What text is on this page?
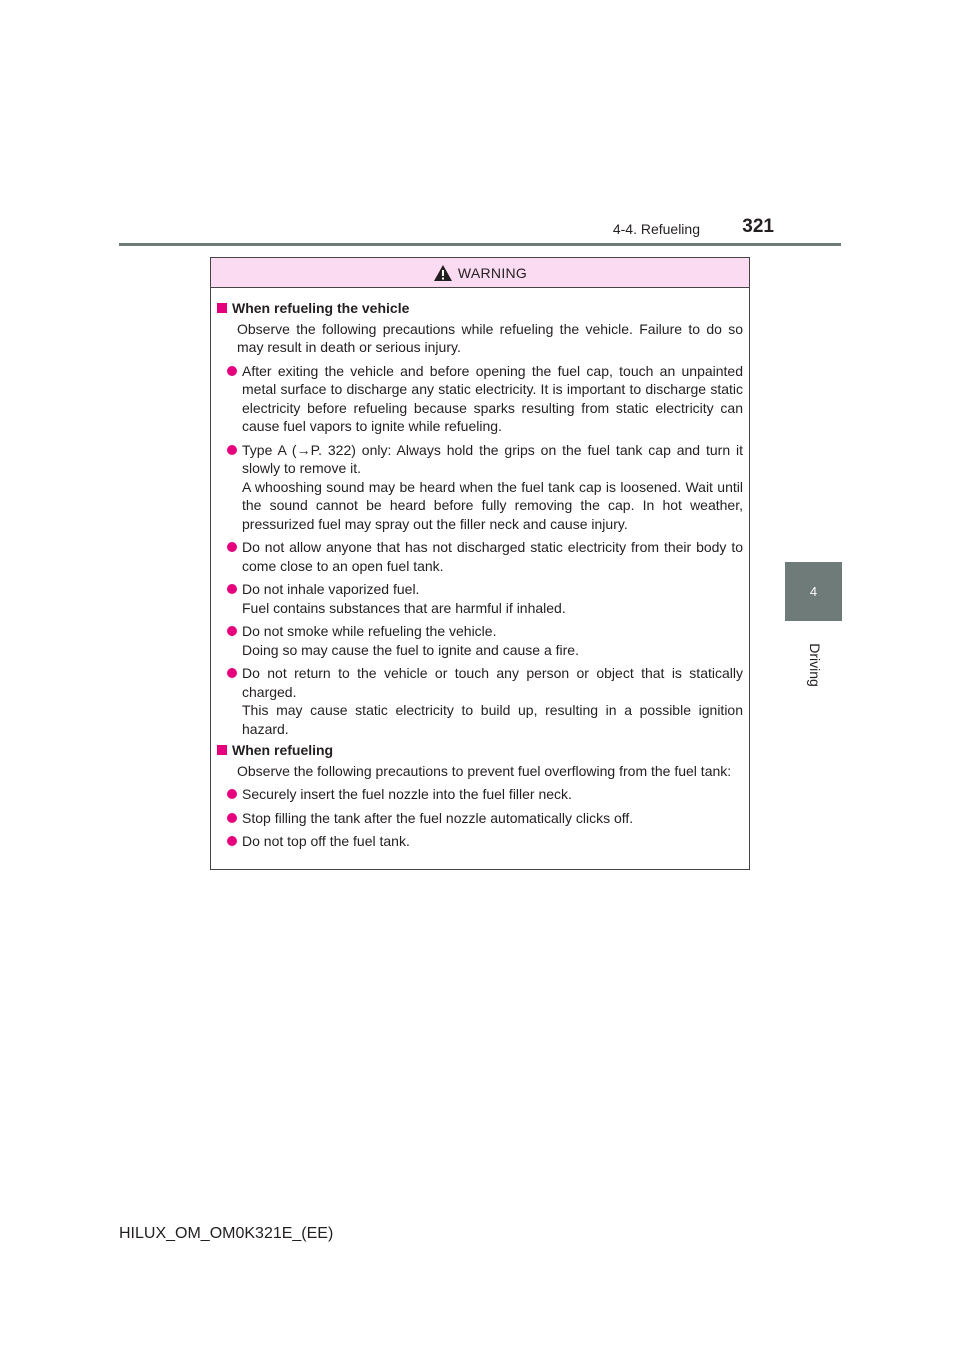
4-4. Refueling	321
4
Driving
WARNING
When refueling the vehicle
Observe the following precautions while refueling the vehicle. Failure to do so may result in death or serious injury.
After exiting the vehicle and before opening the fuel cap, touch an unpainted metal surface to discharge any static electricity. It is important to discharge static electricity before refueling because sparks resulting from static electricity can cause fuel vapors to ignite while refueling.
Type A (→P. 322) only: Always hold the grips on the fuel tank cap and turn it slowly to remove it.
A whooshing sound may be heard when the fuel tank cap is loosened. Wait until the sound cannot be heard before fully removing the cap. In hot weather, pressurized fuel may spray out the filler neck and cause injury.
Do not allow anyone that has not discharged static electricity from their body to come close to an open fuel tank.
Do not inhale vaporized fuel.
Fuel contains substances that are harmful if inhaled.
Do not smoke while refueling the vehicle.
Doing so may cause the fuel to ignite and cause a fire.
Do not return to the vehicle or touch any person or object that is statically charged.
This may cause static electricity to build up, resulting in a possible ignition hazard.
When refueling
Observe the following precautions to prevent fuel overflowing from the fuel tank:
Securely insert the fuel nozzle into the fuel filler neck.
Stop filling the tank after the fuel nozzle automatically clicks off.
Do not top off the fuel tank.
HILUX_OM_OM0K321E_(EE)
